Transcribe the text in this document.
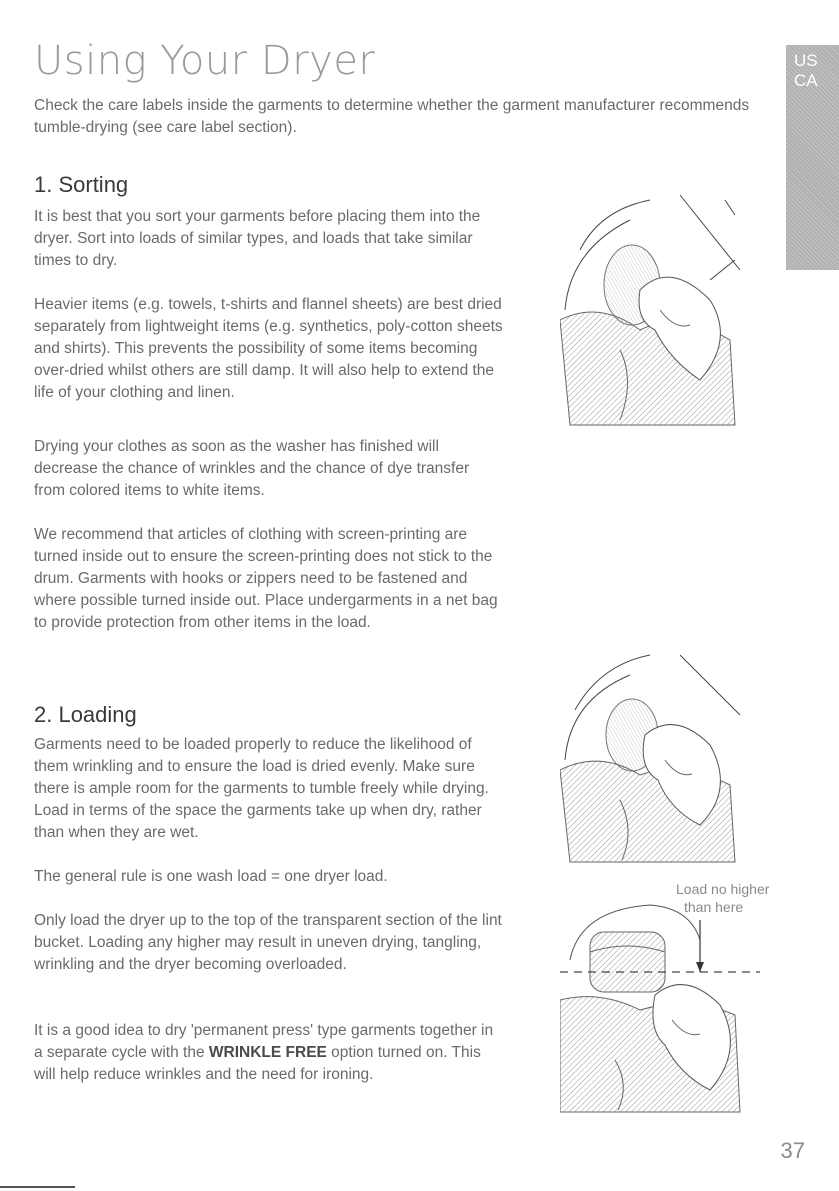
Using Your Dryer

Check the care labels inside the garments to determine whether the garment manufacturer recommends tumble-drying (see care label section).

US
CA
1. Sorting

It is best that you sort your garments before placing them into the dryer. Sort into loads of similar types, and loads that take similar times to dry.

Heavier items (e.g. towels, t-shirts and flannel sheets) are best dried separately from lightweight items (e.g. synthetics, poly-cotton sheets and shirts). This prevents the possibility of some items becoming over-dried whilst others are still damp. It will also help to extend the life of your clothing and linen.

Drying your clothes as soon as the washer has finished will decrease the chance of wrinkles and the chance of dye transfer from colored items to white items.

We recommend that articles of clothing with screen-printing are turned inside out to ensure the screen-printing does not stick to the drum. Garments with hooks or zippers need to be fastened and where possible turned inside out. Place undergarments in a net bag to provide protection from other items in the load.

2. Loading

Garments need to be loaded properly to reduce the likelihood of them wrinkling and to ensure the load is dried evenly. Make sure there is ample room for the garments to tumble freely while drying. Load in terms of the space the garments take up when dry, rather than when they are wet.

The general rule is one wash load = one dryer load.

Only load the dryer up to the top of the transparent section of the lint bucket. Loading any higher may result in uneven drying, tangling, wrinkling and the dryer becoming overloaded.

It is a good idea to dry 'permanent press' type garments together in a separate cycle with the WRINKLE FREE option turned on. This will help reduce wrinkles and the need for ironing.

Load no higher
than here
37
